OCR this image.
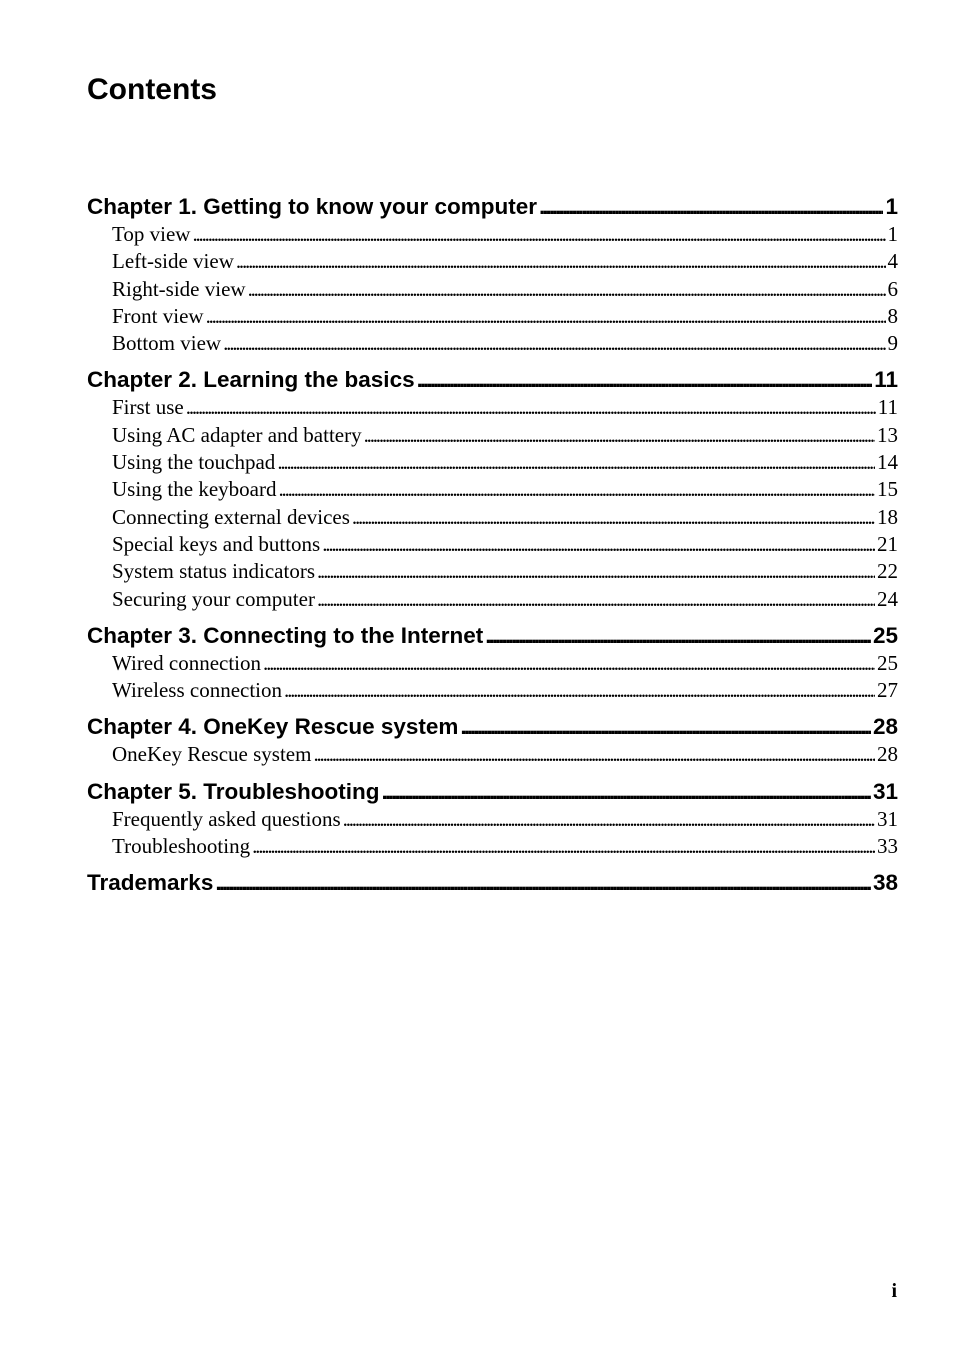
Contents
Chapter 1. Getting to know your computer .....	1
Top view .....	1
Left-side view .....	4
Right-side view .....	6
Front view .....	8
Bottom view .....	9
Chapter 2. Learning the basics .....	11
First use .....	11
Using AC adapter and battery .....	13
Using the touchpad .....	14
Using the keyboard .....	15
Connecting external devices .....	18
Special keys and buttons .....	21
System status indicators .....	22
Securing your computer .....	24
Chapter 3. Connecting to the Internet .....	25
Wired connection .....	25
Wireless connection .....	27
Chapter 4. OneKey Rescue system .....	28
OneKey Rescue system .....	28
Chapter 5. Troubleshooting .....	31
Frequently asked questions .....	31
Troubleshooting .....	33
Trademarks .....	38
i
